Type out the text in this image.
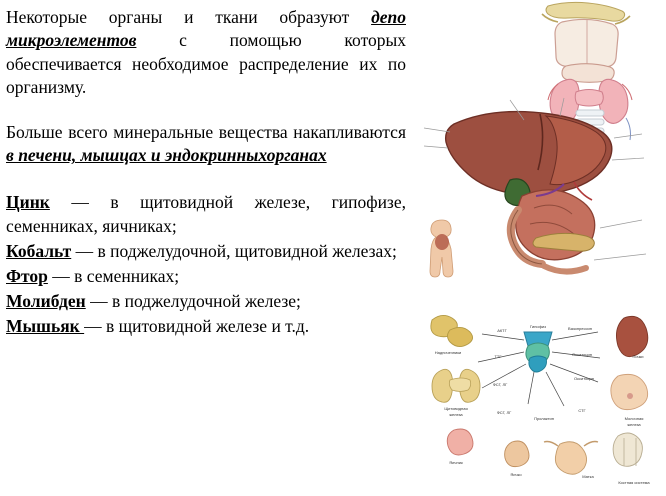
Некоторые органы и ткани образуют депо микроэлементов с помощью которых обеспечивается необходимое распределение их по организму.

Больше всего минеральные вещества накапливаются в печени, мышцах и эндокринныхорганах

Цинк — в щитовидной железе, гипофизе, семенниках, яичниках;

Кобальт — в поджелудочной, щитовидной железах;

Фтор — в семенниках;

Молибден — в поджелудочной железе;

Мышьяк — в щитовидной железе и т.д.	Гипофиз
АКТГ	Вазопрессин
ТТГ	Окситоцин
ФСГ, ЛГ
Окситоцин
ФСГ, ЛГ
Пролактин
СТГ
Надпочечники
Почки
Щитовидная
железа
Молочная
железа
Яичник
Яичко	Матка
Костная система
